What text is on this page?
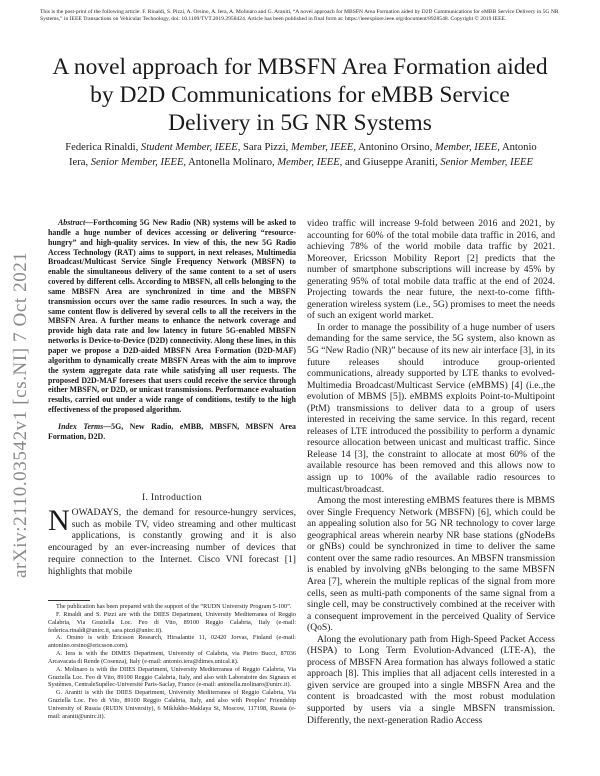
This is the post-print of the following article: F. Rinaldi, S. Pizzi, A. Orsino, A. Iera, A. Molinaro and G. Araniti, “A novel approach for MBSFN Area Formation aided by D2D Communications for eMBB Service Delivery in 5G NR Systems,” in IEEE Transactions on Vehicular Technology, doi: 10.1109/TVT.2019.2958424. Article has been published in final form at: https://ieeexplore.ieee.org/document/8928548. Copyright © 2019 IEEE.
arXiv:2110.03542v1 [cs.NI] 7 Oct 2021
A novel approach for MBSFN Area Formation aided by D2D Communications for eMBB Service Delivery in 5G NR Systems
Federica Rinaldi, Student Member, IEEE, Sara Pizzi, Member, IEEE, Antonino Orsino, Member, IEEE, Antonio Iera, Senior Member, IEEE, Antonella Molinaro, Member, IEEE, and Giuseppe Araniti, Senior Member, IEEE

Abstract—Forthcoming 5G New Radio (NR) systems will be asked to handle a huge number of devices accessing or delivering “resource-hungry” and high-quality services. In view of this, the new 5G Radio Access Technology (RAT) aims to support, in next releases, Multimedia Broadcast/Multicast Service Single Frequency Network (MBSFN) to enable the simultaneous delivery of the same content to a set of users covered by different cells. According to MBSFN, all cells belonging to the same MBSFN Area are synchronized in time and the MBSFN transmission occurs over the same radio resources. In such a way, the same content flow is delivered by several cells to all the receivers in the MBSFN Area. A further means to enhance the network coverage and provide high data rate and low latency in future 5G-enabled MBSFN networks is Device-to-Device (D2D) connectivity. Along these lines, in this paper we propose a D2D-aided MBSFN Area Formation (D2D-MAF) algorithm to dynamically create MBSFN Areas with the aim to improve the system aggregate data rate while satisfying all user requests. The proposed D2D-MAF foresees that users could receive the service through either MBSFN, or D2D, or unicast transmissions. Performance evaluation results, carried out under a wide range of conditions, testify to the high effectiveness of the proposed algorithm.

Index Terms—5G, New Radio, eMBB, MBSFN, MBSFN Area Formation, D2D.

I. Introduction

NOWADAYS, the demand for resource-hungry services, such as mobile TV, video streaming and other multicast applications, is constantly growing and it is also encouraged by an ever-increasing number of devices that require connection to the Internet. Cisco VNI forecast [1] highlights that mobile

The publication has been prepared with the support of the “RUDN University Program 5-100”.

F. Rinaldi and S. Pizzi are with the DIIES Department, University Mediterranea of Reggio Calabria, Via Graziella Loc. Feo di Vito, 89100 Reggio Calabria, Italy (e-mail: federica.rinaldi@unirc.it, sara.pizzi@unirc.it).

A. Orsino is with Ericsson Research, Hirsalantie 11, 02420 Jorvas, Finland (e-mail: antonino.orsino@ericsson.com).

A. Iera is with the DIMES Department, University of Calabria, via Pietro Bucci, 87036 Arcavacata di Rende (Cosenza), Italy (e-mail: antonio.iera@dimes.unical.it).

A. Molinaro is with the DIIES Department, University Mediterranea of Reggio Calabria, Via Graziella Loc. Feo di Vito, 89100 Reggio Calabria, Italy, and also with Laboratoire des Signaux et Systèmes, CentraleSupélec-Université Paris-Saclay, France (e-mail: antonella.molinaro@unirc.it).

G. Araniti is with the DIIES Department, University Mediterranea of Reggio Calabria, Via Graziella Loc. Feo di Vito, 89100 Reggio Calabria, Italy, and also with Peoples’ Friendship University of Russia (RUDN University), 6 Miklukho-Maklaya St, Moscow, 117198, Russia (e-mail: araniti@unirc.it).

video traffic will increase 9-fold between 2016 and 2021, by accounting for 60% of the total mobile data traffic in 2016, and achieving 78% of the world mobile data traffic by 2021. Moreover, Ericsson Mobility Report [2] predicts that the number of smartphone subscriptions will increase by 45% by generating 95% of total mobile data traffic at the end of 2024. Projecting towards the near future, the next-to-come fifth-generation wireless system (i.e., 5G) promises to meet the needs of such an exigent world market.

In order to manage the possibility of a huge number of users demanding for the same service, the 5G system, also known as 5G “New Radio (NR)” because of its new air interface [3], in its future releases should introduce group-oriented communications, already supported by LTE thanks to evolved-Multimedia Broadcast/Multicast Service (eMBMS) [4] (i.e.,the evolution of MBMS [5]). eMBMS exploits Point-to-Multipoint (PtM) transmissions to deliver data to a group of users interested in receiving the same service. In this regard, recent releases of LTE introduced the possibility to perform a dynamic resource allocation between unicast and multicast traffic. Since Release 14 [3], the constraint to allocate at most 60% of the available resource has been removed and this allows now to assign up to 100% of the available radio resources to multicast/broadcast.

Among the most interesting eMBMS features there is MBMS over Single Frequency Network (MBSFN) [6], which could be an appealing solution also for 5G NR technology to cover large geographical areas wherein nearby NR base stations (gNodeBs or gNBs) could be synchronized in time to deliver the same content over the same radio resources. An MBSFN transmission is enabled by involving gNBs belonging to the same MBSFN Area [7], wherein the multiple replicas of the signal from more cells, seen as multi-path components of the same signal from a single cell, may be constructively combined at the receiver with a consequent improvement in the perceived Quality of Service (QoS).

Along the evolutionary path from High-Speed Packet Access (HSPA) to Long Term Evolution-Advanced (LTE-A), the process of MBSFN Area formation has always followed a static approach [8]. This implies that all adjacent cells interested in a given service are grouped into a single MBSFN Area and the content is broadcasted with the most robust modulation supported by users via a single MBSFN transmission. Differently, the next-generation Radio Access
